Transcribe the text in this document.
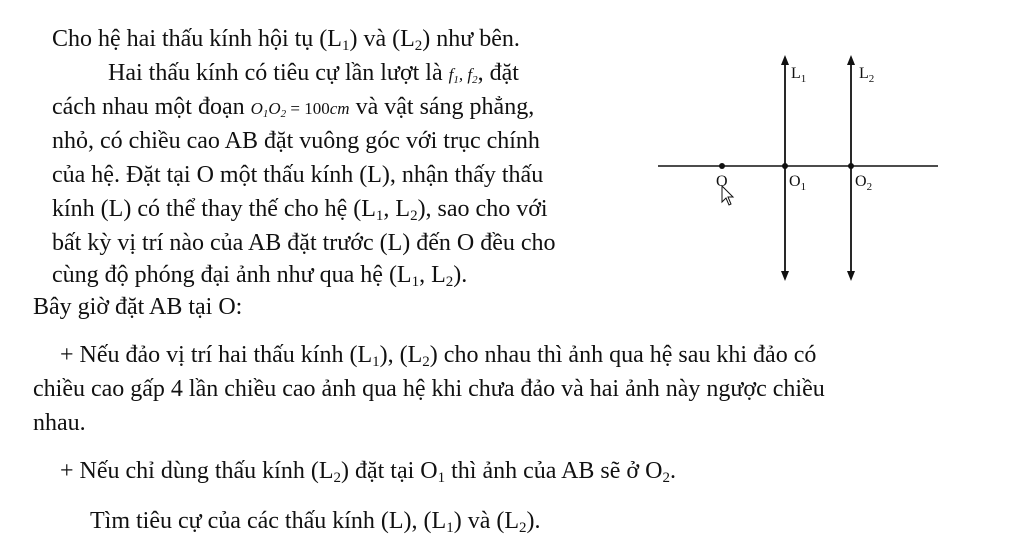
Cho hệ hai thấu kính hội tụ $(L_1)$ và $(L_2)$ như bên.
Hai thấu kính có tiêu cự lần lượt là $f_1$, $f_2$, đặt
cách nhau một đoạn $O_1O_2 = 100cm$ và vật sáng phẳng,
nhỏ, có chiều cao AB đặt vuông góc với trục chính
của hệ. Đặt tại O một thấu kính (L), nhận thấy thấu
kính (L) có thể thay thế cho hệ ($L_1$, $L_2$), sao cho với
bất kỳ vị trí nào của AB đặt trước (L) đến O đều cho
cùng độ phóng đại ảnh như qua hệ ($L_1$, $L_2$).
Bây giờ đặt AB tại O:
+ Nếu đảo vị trí hai thấu kính $(L_1)$, $(L_2)$ cho nhau thì ảnh qua hệ sau khi đảo có
chiều cao gấp 4 lần chiều cao ảnh qua hệ khi chưa đảo và hai ảnh này ngược chiều
nhau.
+ Nếu chỉ dùng thấu kính $(L_2)$ đặt tại $O_1$ thì ảnh của AB sẽ ở $O_2$.
Tìm tiêu cự của các thấu kính (L), $(L_1)$ và $(L_2)$.
$L_1$	$L_2$
O	$O_1$	$O_2$
